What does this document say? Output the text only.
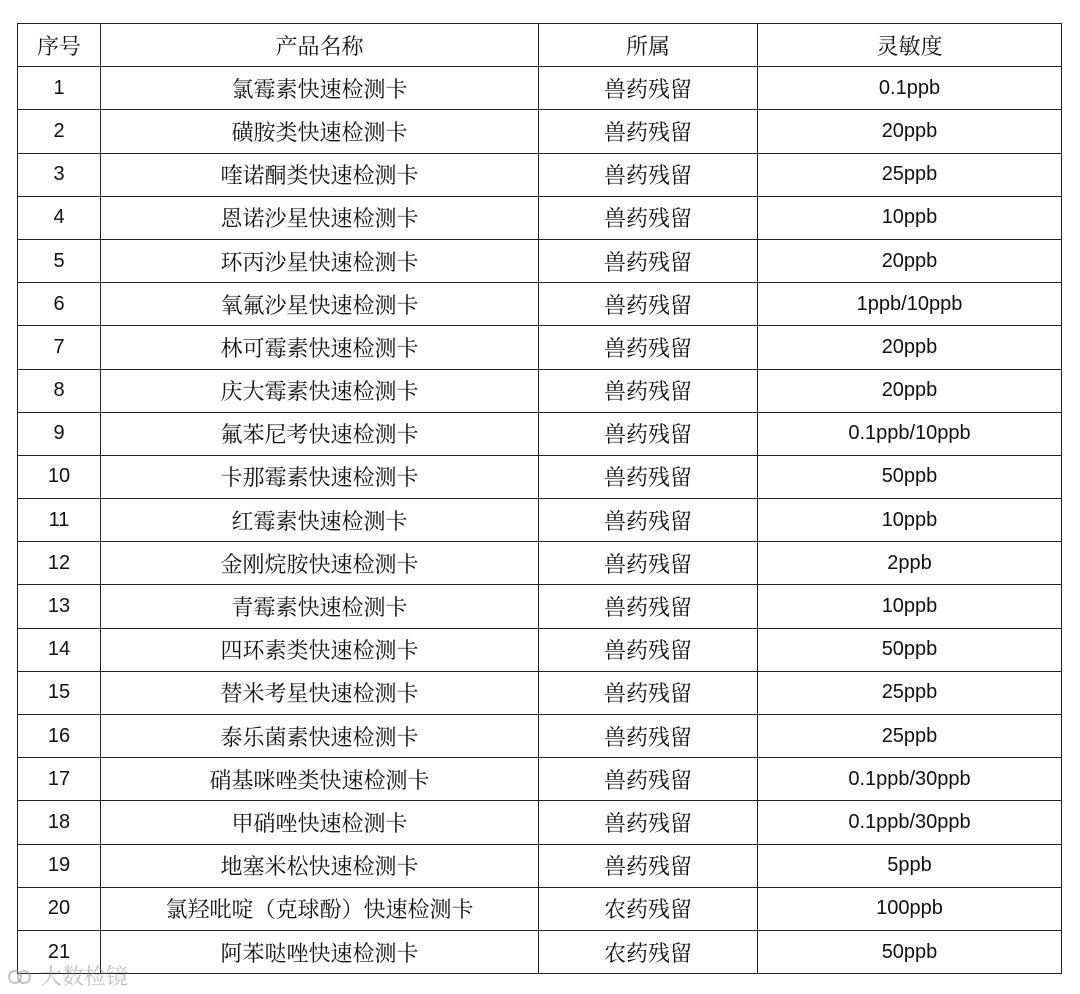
序号	产品名称	所属	灵敏度
1	氯霉素快速检测卡	兽药残留	0.1ppb
2	磺胺类快速检测卡	兽药残留	20ppb
3	喹诺酮类快速检测卡	兽药残留	25ppb
4	恩诺沙星快速检测卡	兽药残留	10ppb
5	环丙沙星快速检测卡	兽药残留	20ppb
6	氧氟沙星快速检测卡	兽药残留	1ppb/10ppb
7	林可霉素快速检测卡	兽药残留	20ppb
8	庆大霉素快速检测卡	兽药残留	20ppb
9	氟苯尼考快速检测卡	兽药残留	0.1ppb/10ppb
10	卡那霉素快速检测卡	兽药残留	50ppb
11	红霉素快速检测卡	兽药残留	10ppb
12	金刚烷胺快速检测卡	兽药残留	2ppb
13	青霉素快速检测卡	兽药残留	10ppb
14	四环素类快速检测卡	兽药残留	50ppb
15	替米考星快速检测卡	兽药残留	25ppb
16	泰乐菌素快速检测卡	兽药残留	25ppb
17	硝基咪唑类快速检测卡	兽药残留	0.1ppb/30ppb
18	甲硝唑快速检测卡	兽药残留	0.1ppb/30ppb
19	地塞米松快速检测卡	兽药残留	5ppb
20	氯羟吡啶（克球酚）快速检测卡	农药残留	100ppb
21	阿苯哒唑快速检测卡	农药残留	50ppb
大数检镜
